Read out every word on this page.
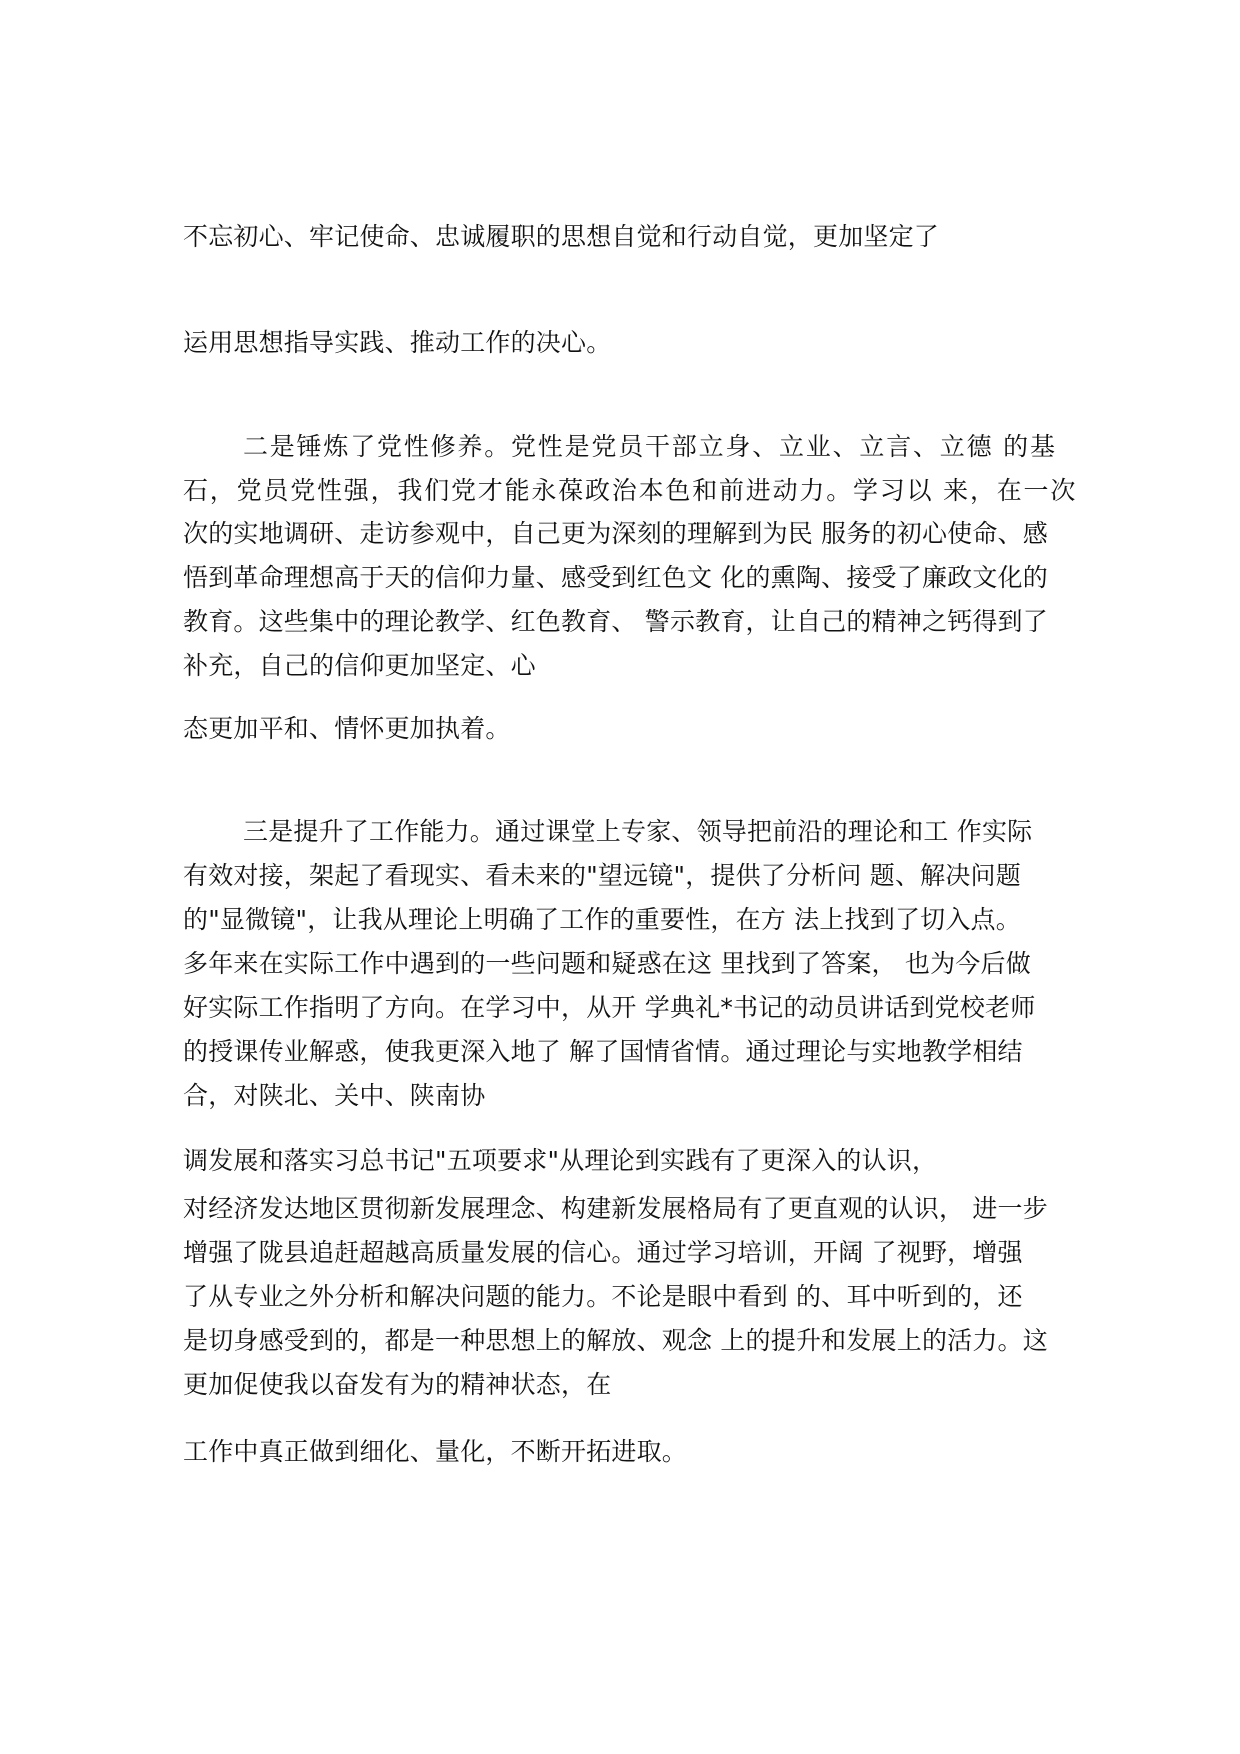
不忘初心、牢记使命、忠诚履职的思想自觉和行动自觉，更加坚定了
运用思想指导实践、推动工作的决心。
二是锤炼了党性修养。党性是党员干部立身、立业、立言、立德 的基
石，党员党性强，我们党才能永葆政治本色和前进动力。学习以 来，在一次
次的实地调研、走访参观中，自己更为深刻的理解到为民 服务的初心使命、感
悟到革命理想高于天的信仰力量、感受到红色文 化的熏陶、接受了廉政文化的
教育。这些集中的理论教学、红色教育、 警示教育，让自己的精神之钙得到了
补充，自己的信仰更加坚定、心
态更加平和、情怀更加执着。
三是提升了工作能力。通过课堂上专家、领导把前沿的理论和工 作实际
有效对接，架起了看现实、看未来的"望远镜"，提供了分析问 题、解决问题
的"显微镜"，让我从理论上明确了工作的重要性，在方 法上找到了切入点。
多年来在实际工作中遇到的一些问题和疑惑在这 里找到了答案， 也为今后做
好实际工作指明了方向。在学习中，从开 学典礼*书记的动员讲话到党校老师
的授课传业解惑，使我更深入地了 解了国情省情。通过理论与实地教学相结
合，对陕北、关中、陕南协
调发展和落实习总书记"五项要求"从理论到实践有了更深入的认识，
对经济发达地区贯彻新发展理念、构建新发展格局有了更直观的认识， 进一步
增强了陇县追赶超越高质量发展的信心。通过学习培训，开阔 了视野，增强
了从专业之外分析和解决问题的能力。不论是眼中看到 的、耳中听到的，还
是切身感受到的，都是一种思想上的解放、观念 上的提升和发展上的活力。这
更加促使我以奋发有为的精神状态，在
工作中真正做到细化、量化，不断开拓进取。
